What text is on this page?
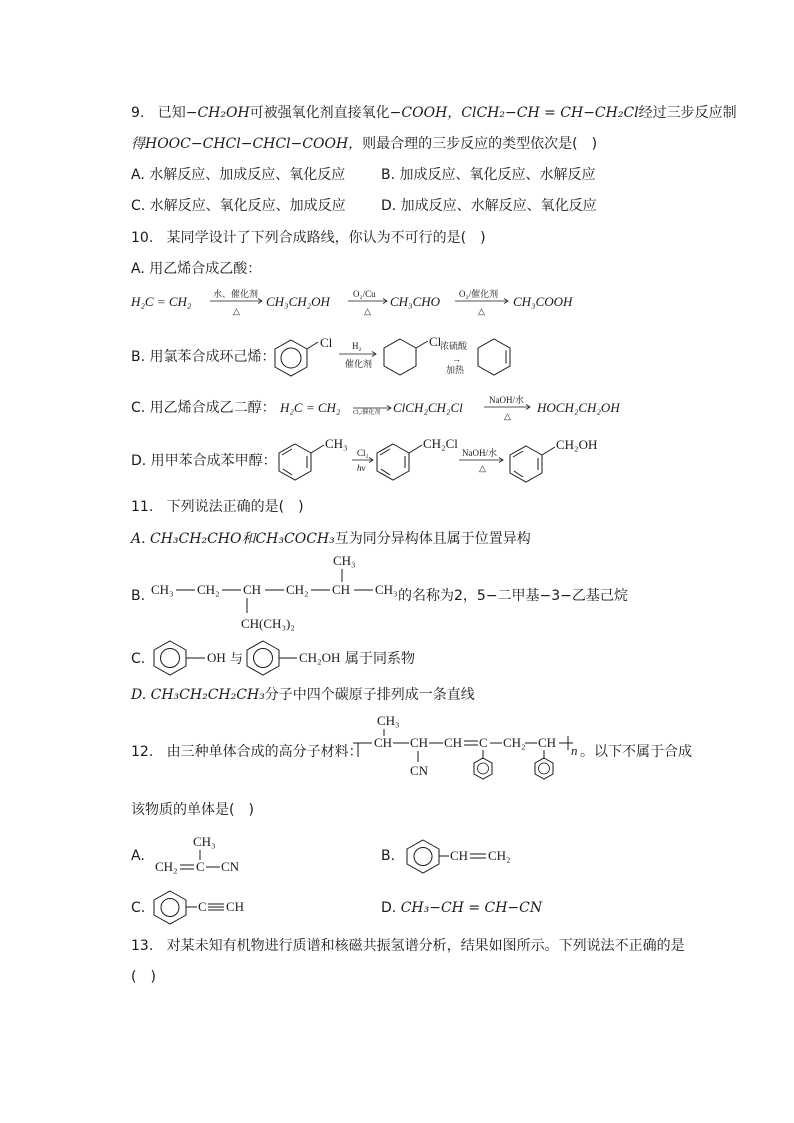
9. 已知−CH₂OH可被强氧化剂直接氧化−COOH，ClCH₂−CH = CH−CH₂Cl经过三步反应制
得HOOC−CHCl−CHCl−COOH，则最合理的三步反应的类型依次是(　)
A. 水解反应、加成反应、氧化反应	B. 加成反应、氧化反应、水解反应
C. 水解反应、氧化反应、加成反应	D. 加成反应、水解反应、氧化反应
10. 某同学设计了下列合成路线，你认为不可行的是(　)
A. 用乙烯合成乙酸：
H₂C = CH₂ 水、催化剂
△
CH₃CH₂OH	O₂/Cu
△
CH₃CHO O₂/催化剂
△
CH₃COOH
B. 用氯苯合成环己烯：
Cl H₂
催化剂
Cl
浓硫酸
→
加热
C. 用乙烯合成乙二醇： H₂C = CH₂ Cl₂/催化剂 ClCH₂CH₂Cl	NaOH/水
△
HOCH₂CH₂OH
D. 用甲苯合成苯甲醇：
CH₃
Cl₂
hv
CH₂Cl
NaOH/水
△
CH₂OH
11. 下列说法正确的是(　)
A. CH₃CH₂CHO和CH₃COCH₃互为同分异构体且属于位置异构
B. CH₃ CH₂ CH CH₂ CH CH₃
CH₃
CH(CH₃)₂
的名称为2，5−二甲基−3−乙基己烷
C.	OH 与	CH₂OH 属于同系物
D. CH₃CH₂CH₂CH₃分子中四个碳原子排列成一条直线
12. 由三种单体合成的高分子材料：
CH
CH₃
CH
CN
CH C CH₂ CH
n 。以下不属于合成
该物质的单体是(　)
A.
CH₃
CH₂ C CN
B.	CH CH₂
C.	C CH	D. CH₃−CH = CH−CN
13. 对某未知有机物进行质谱和核磁共振氢谱分析，结果如图所示。下列说法不正确的是
(　)
